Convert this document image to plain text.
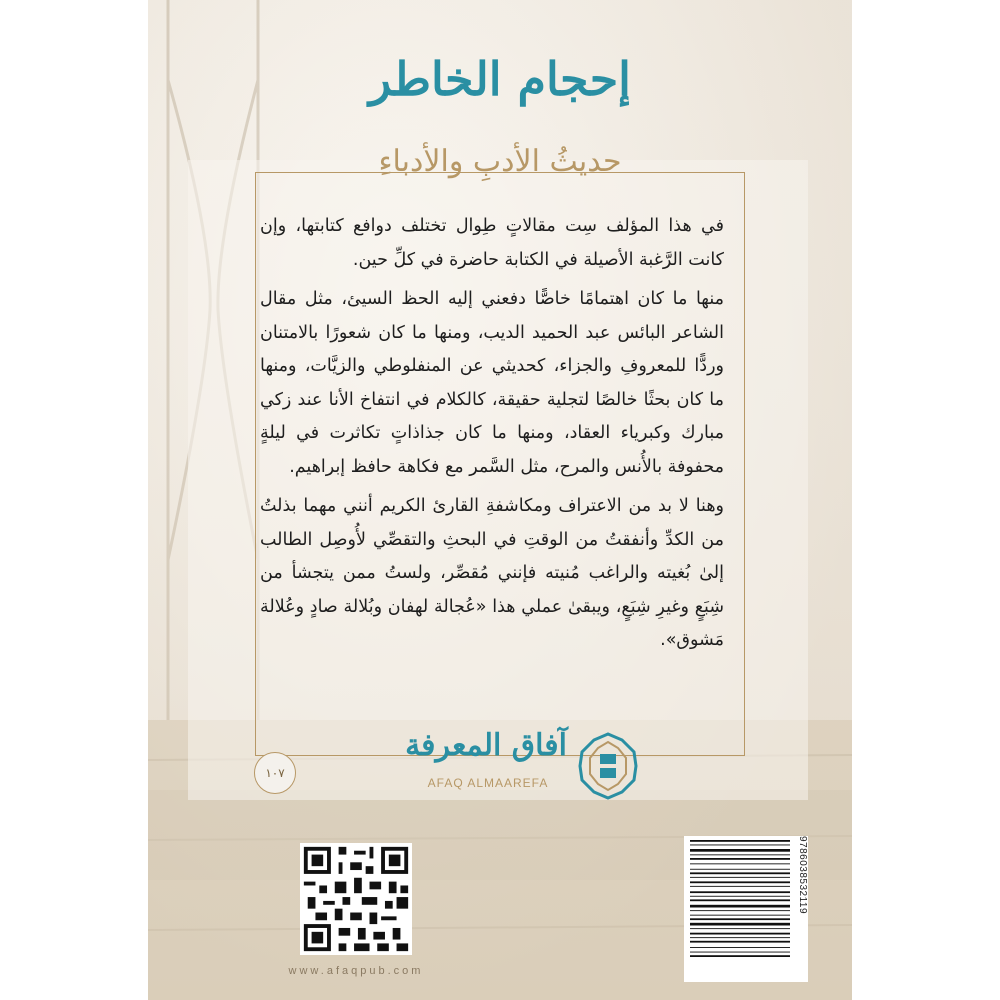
إحجام الخاطر
حديثُ الأدبِ والأدباءِ

في هذا المؤلف سِت مقالاتٍ طِوال تختلف دوافع كتابتها، وإن كانت الرَّغبة الأصيلة في الكتابة حاضرة في كلِّ حين.

منها ما كان اهتمامًا خاصًّا دفعني إليه الحظ السيئ، مثل مقال الشاعر البائس عبد الحميد الديب، ومنها ما كان شعورًا بالامتنان وردًّا للمعروفِ والجزاء، كحديثي عن المنفلوطي والزيَّات، ومنها ما كان بحثًا خالصًا لتجلية حقيقة، كالكلام في انتفاخ الأنا عند زكي مبارك وكبرياء العقاد، ومنها ما كان جذاذاتٍ تكاثرت في ليلةٍ محفوفة بالأُنس والمرح، مثل السَّمر مع فكاهة حافظ إبراهيم.

وهنا لا بد من الاعتراف ومكاشفةِ القارئ الكريم أنني مهما بذلتُ من الكدِّ وأنفقتُ من الوقتِ في البحثِ والتقصِّي لأُوصِل الطالب إلىٰ بُغيته والراغب مُنيته فإنني مُقصِّر، ولستُ ممن يتجشأ من شِبَعٍ وغيرِ شِبَعٍ، ويبقىٰ عملي هذا «عُجالة لهفان وبُلالة صادٍ وعُلالة مَشوق».

١٠٧
آفاق المعرفة
AFAQ ALMAAREFA
www.afaqpub.com
9786038532119
